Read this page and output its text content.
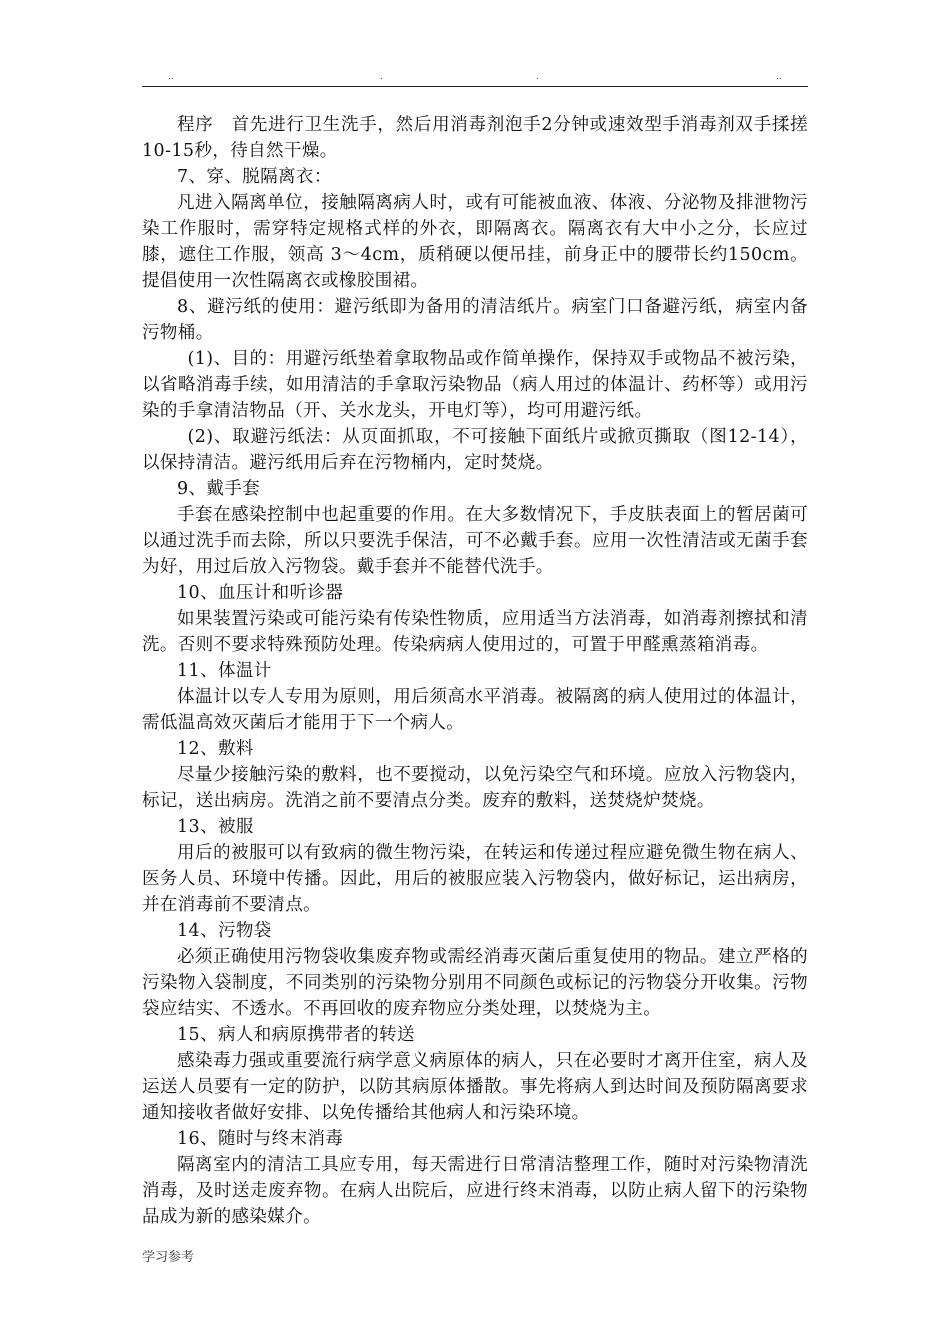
..	.	.	..

程序　首先进行卫生洗手，然后用消毒剂泡手2分钟或速效型手消毒剂双手揉搓10-15秒，待自然干燥。

7、穿、脱隔离衣：

凡进入隔离单位，接触隔离病人时，或有可能被血液、体液、分泌物及排泄物污染工作服时，需穿特定规格式样的外衣，即隔离衣。隔离衣有大中小之分，长应过膝，遮住工作服，领高 3～4cm，质稍硬以便吊挂，前身正中的腰带长约150cm。提倡使用一次性隔离衣或橡胶围裙。

8、避污纸的使用：避污纸即为备用的清洁纸片。病室门口备避污纸，病室内备污物桶。

(1)、目的：用避污纸垫着拿取物品或作简单操作，保持双手或物品不被污染，以省略消毒手续，如用清洁的手拿取污染物品（病人用过的体温计、药杯等）或用污染的手拿清洁物品（开、关水龙头，开电灯等），均可用避污纸。

(2)、取避污纸法：从页面抓取，不可接触下面纸片或掀页撕取（图12-14），以保持清洁。避污纸用后弃在污物桶内，定时焚烧。

9、戴手套

手套在感染控制中也起重要的作用。在大多数情况下，手皮肤表面上的暂居菌可以通过洗手而去除，所以只要洗手保洁，可不必戴手套。应用一次性清洁或无菌手套为好，用过后放入污物袋。戴手套并不能替代洗手。

10、血压计和听诊器

如果装置污染或可能污染有传染性物质，应用适当方法消毒，如消毒剂擦拭和清洗。否则不要求特殊预防处理。传染病病人使用过的，可置于甲醛熏蒸箱消毒。

11、体温计

体温计以专人专用为原则，用后须高水平消毒。被隔离的病人使用过的体温计，需低温高效灭菌后才能用于下一个病人。

12、敷料

尽量少接触污染的敷料，也不要搅动，以免污染空气和环境。应放入污物袋内，标记，送出病房。洗消之前不要清点分类。废弃的敷料，送焚烧炉焚烧。

13、被服

用后的被服可以有致病的微生物污染，在转运和传递过程应避免微生物在病人、医务人员、环境中传播。因此，用后的被服应装入污物袋内，做好标记，运出病房，并在消毒前不要清点。

14、污物袋

必须正确使用污物袋收集废弃物或需经消毒灭菌后重复使用的物品。建立严格的污染物入袋制度，不同类别的污染物分别用不同颜色或标记的污物袋分开收集。污物袋应结实、不透水。不再回收的废弃物应分类处理，以焚烧为主。

15、病人和病原携带者的转送

感染毒力强或重要流行病学意义病原体的病人，只在必要时才离开住室，病人及运送人员要有一定的防护，以防其病原体播散。事先将病人到达时间及预防隔离要求通知接收者做好安排、以免传播给其他病人和污染环境。

16、随时与终末消毒

隔离室内的清洁工具应专用，每天需进行日常清洁整理工作，随时对污染物清洗消毒，及时送走废弃物。在病人出院后，应进行终末消毒，以防止病人留下的污染物品成为新的感染媒介。

学习参考
